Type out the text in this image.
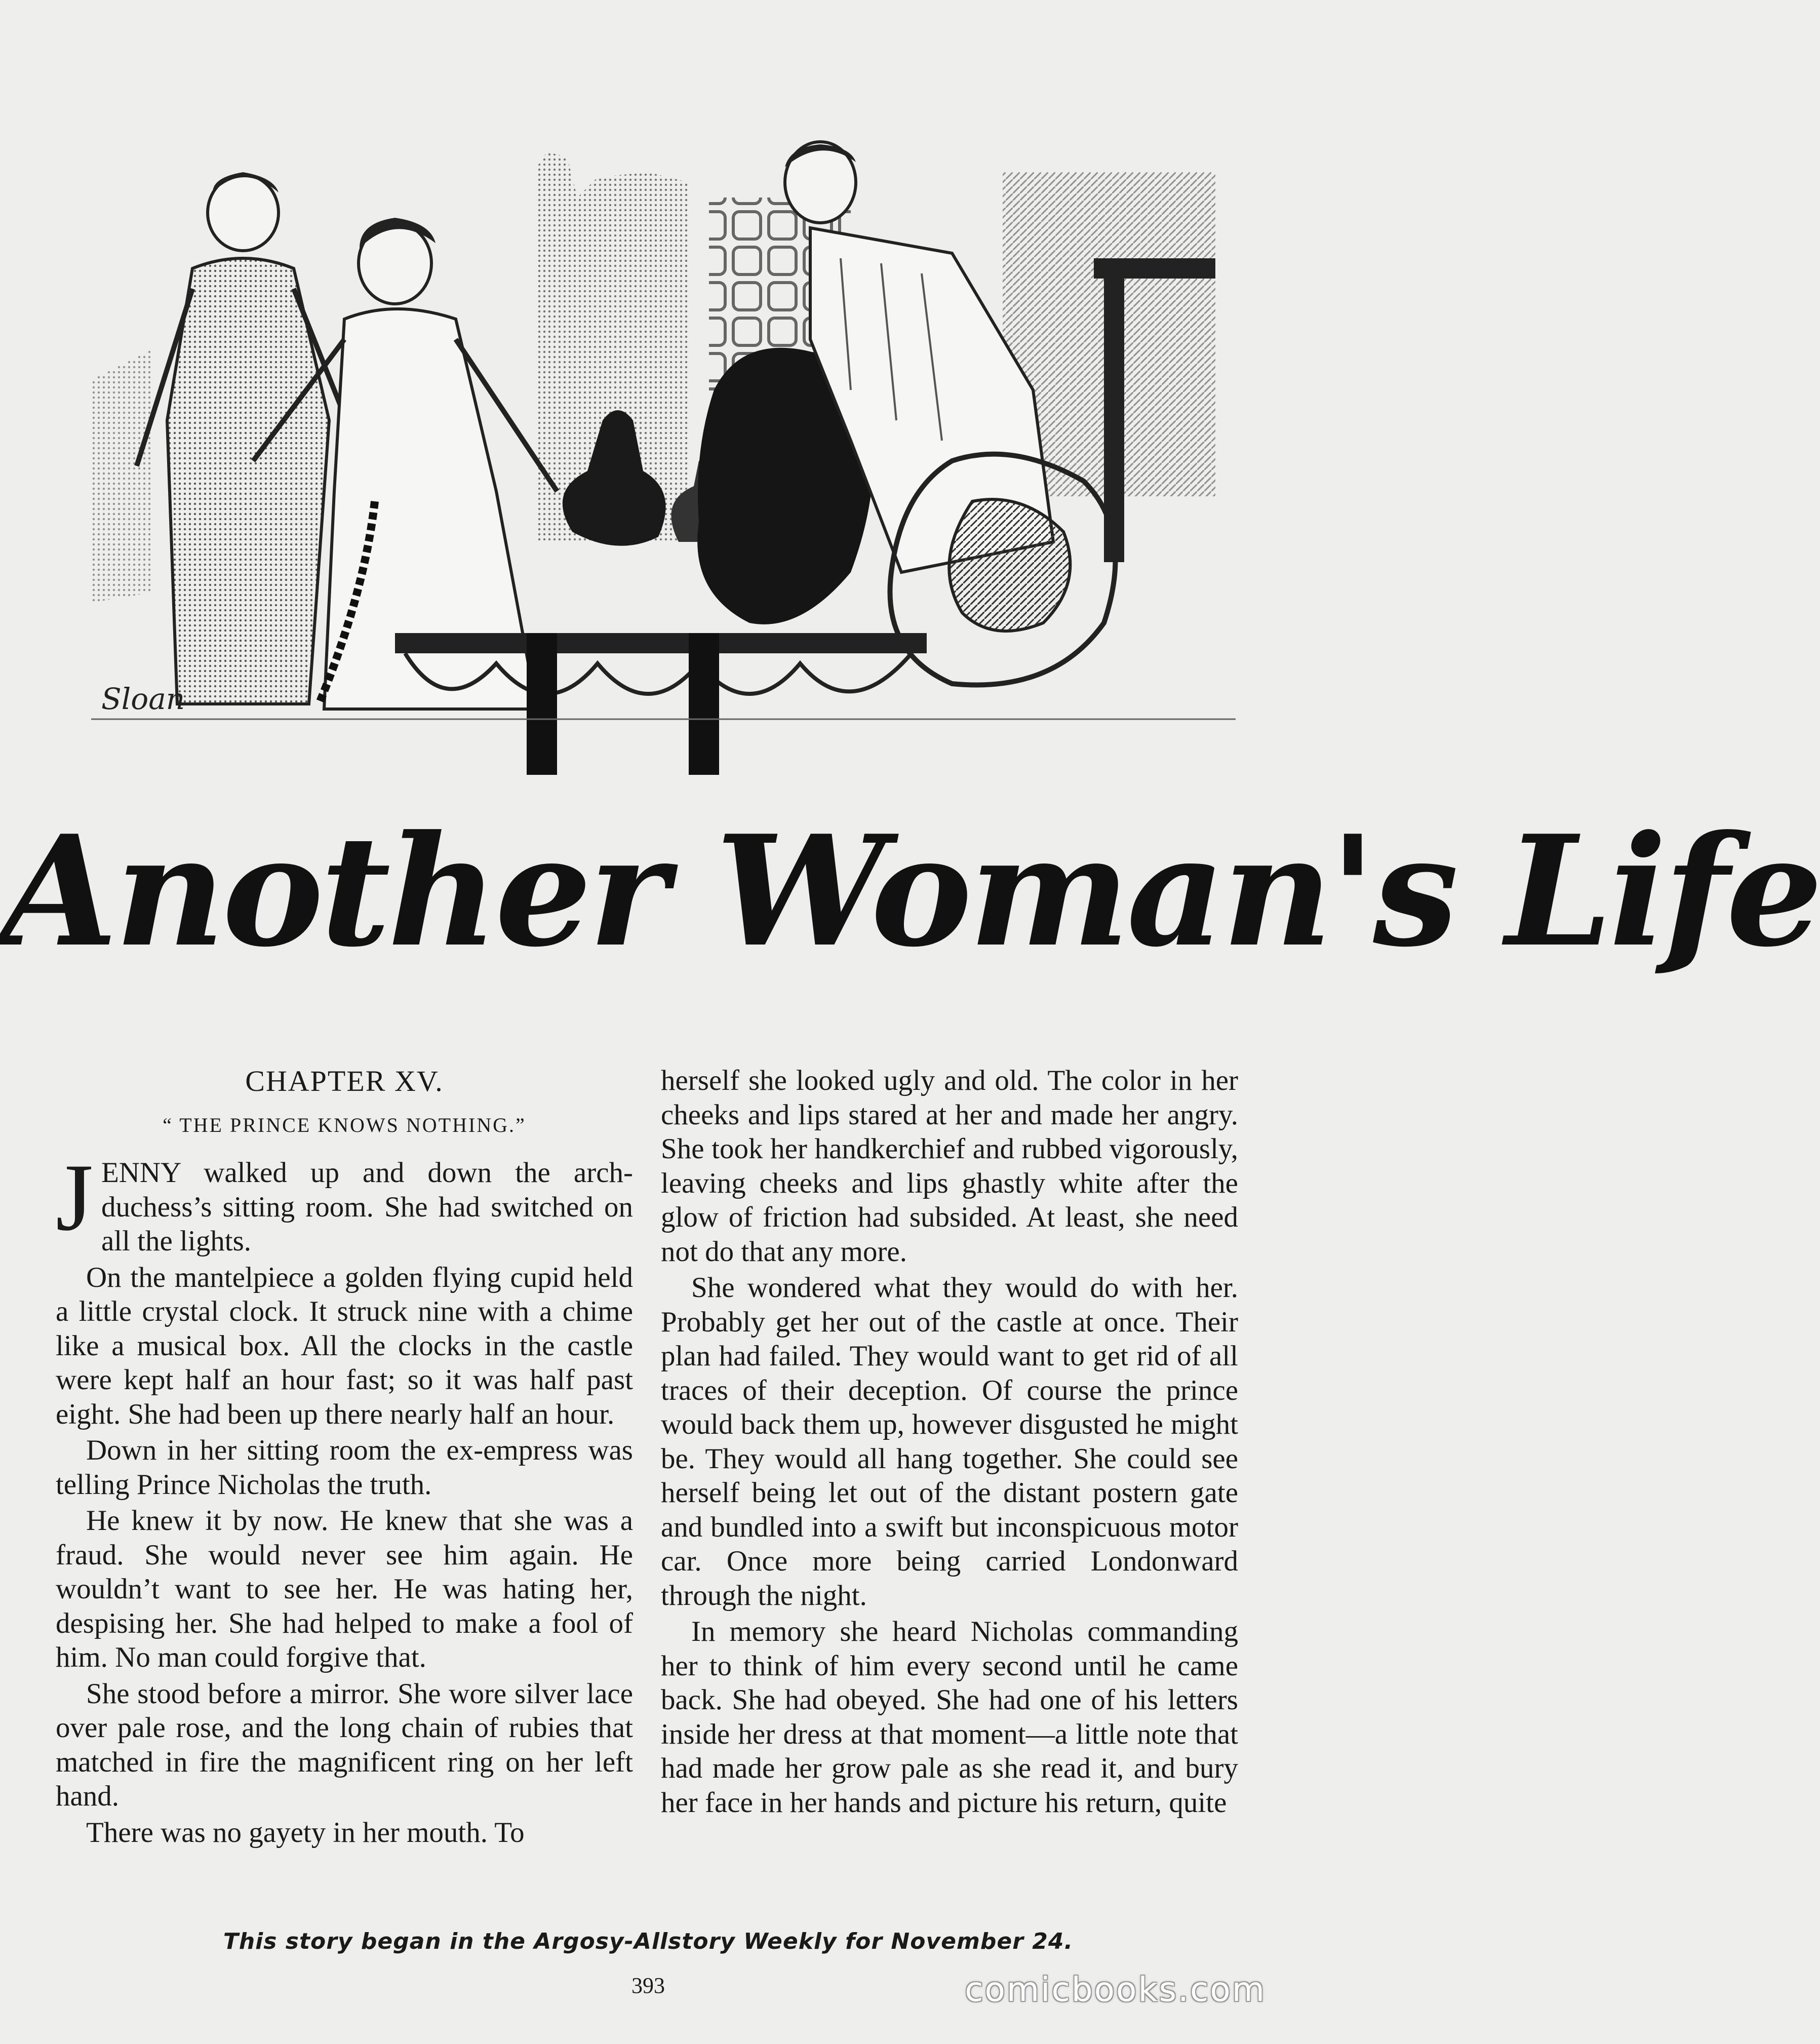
Sloan
Another Woman's Life
CHAPTER XV.
“ THE PRINCE KNOWS NOTHING.”

JENNY walked up and down the archduchess’s sitting room. She had switched on all the lights.

On the mantelpiece a golden flying cupid held a little crystal clock. It struck nine with a chime like a musical box. All the clocks in the castle were kept half an hour fast; so it was half past eight. She had been up there nearly half an hour.

Down in her sitting room the ex-empress was telling Prince Nicholas the truth.

He knew it by now. He knew that she was a fraud. She would never see him again. He wouldn’t want to see her. He was hating her, despising her. She had helped to make a fool of him. No man could forgive that.

She stood before a mirror. She wore silver lace over pale rose, and the long chain of rubies that matched in fire the magnificent ring on her left hand.

There was no gayety in her mouth. To

herself she looked ugly and old. The color in her cheeks and lips stared at her and made her angry. She took her handkerchief and rubbed vigorously, leaving cheeks and lips ghastly white after the glow of friction had subsided. At least, she need not do that any more.

She wondered what they would do with her. Probably get her out of the castle at once. Their plan had failed. They would want to get rid of all traces of their deception. Of course the prince would back them up, however disgusted he might be. They would all hang together. She could see herself being let out of the distant postern gate and bundled into a swift but inconspicuous motor car. Once more being carried Londonward through the night.

In memory she heard Nicholas commanding her to think of him every second until he came back. She had obeyed. She had one of his letters inside her dress at that moment—a little note that had made her grow pale as she read it, and bury her face in her hands and picture his return, quite

This story began in the Argosy-Allstory Weekly for November 24.
393	comicbooks.com
